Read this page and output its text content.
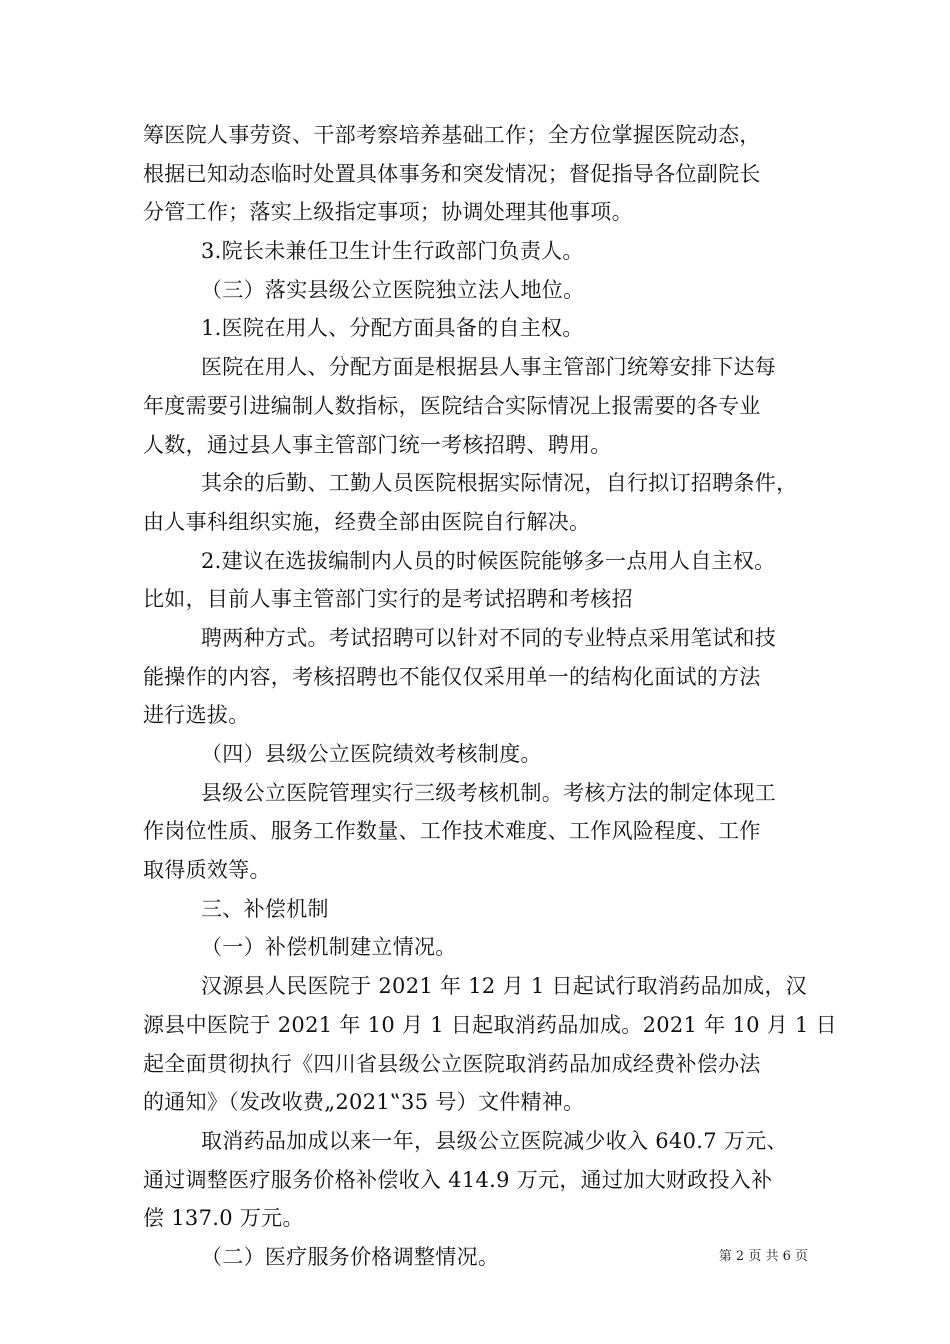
筹医院人事劳资、干部考察培养基础工作；全方位掌握医院动态，
根据已知动态临时处置具体事务和突发情况；督促指导各位副院长
分管工作；落实上级指定事项；协调处理其他事项。
3.院长未兼任卫生计生行政部门负责人。
（三）落实县级公立医院独立法人地位。
1.医院在用人、分配方面具备的自主权。
医院在用人、分配方面是根据县人事主管部门统筹安排下达每
年度需要引进编制人数指标，医院结合实际情况上报需要的各专业
人数，通过县人事主管部门统一考核招聘、聘用。
其余的后勤、工勤人员医院根据实际情况，自行拟订招聘条件，
由人事科组织实施，经费全部由医院自行解决。
2.建议在选拔编制内人员的时候医院能够多一点用人自主权。
比如，目前人事主管部门实行的是考试招聘和考核招
聘两种方式。考试招聘可以针对不同的专业特点采用笔试和技
能操作的内容，考核招聘也不能仅仅采用单一的结构化面试的方法
进行选拔。
（四）县级公立医院绩效考核制度。
县级公立医院管理实行三级考核机制。考核方法的制定体现工
作岗位性质、服务工作数量、工作技术难度、工作风险程度、工作
取得质效等。
三、补偿机制
（一）补偿机制建立情况。
汉源县人民医院于 2021 年 12 月 1 日起试行取消药品加成，汉
源县中医院于 2021 年 10 月 1 日起取消药品加成。2021 年 10 月 1 日
起全面贯彻执行《四川省县级公立医院取消药品加成经费补偿办法
的通知》（发改收费„2021‟35 号）文件精神。
取消药品加成以来一年，县级公立医院减少收入 640.7 万元、
通过调整医疗服务价格补偿收入 414.9 万元，通过加大财政投入补
偿 137.0 万元。
（二）医疗服务价格调整情况。	第 2 页 共 6 页
